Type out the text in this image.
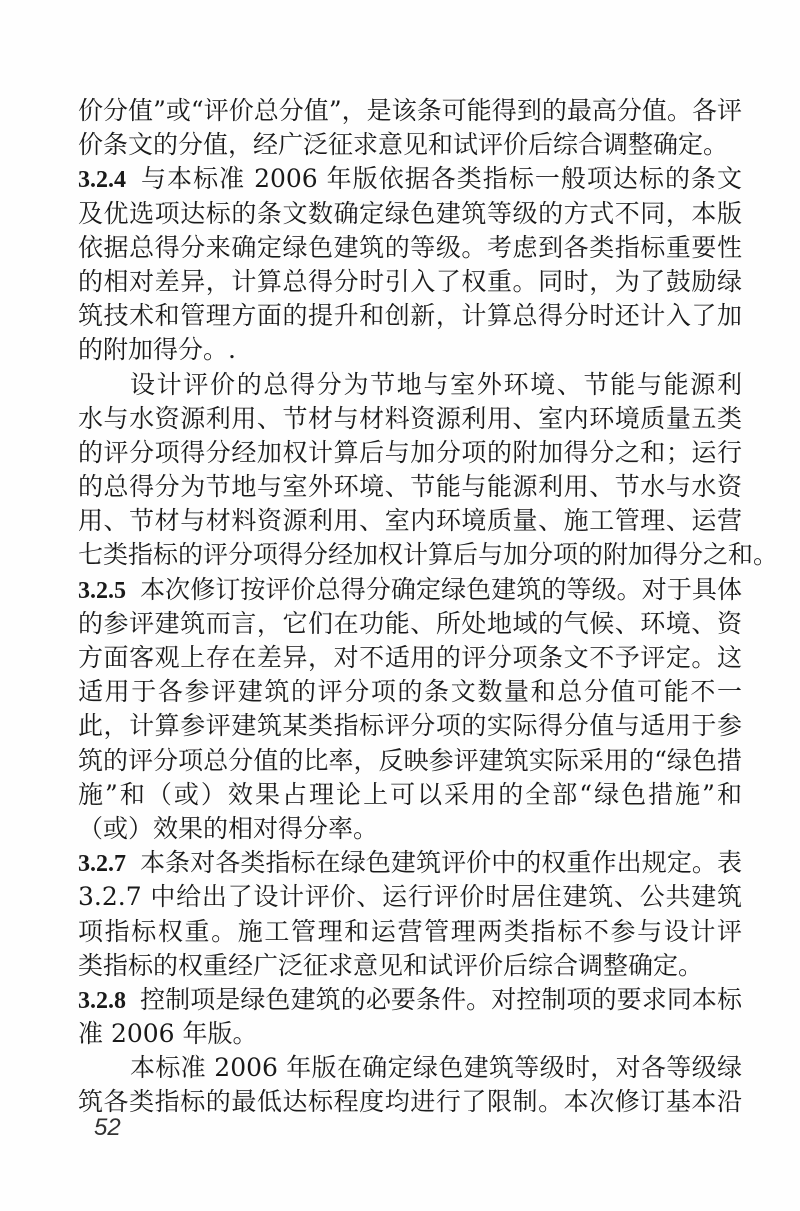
价分值”或“评价总分值”，是该条可能得到的最高分值。各评
价条文的分值，经广泛征求意见和试评价后综合调整确定。
3.2.4 与本标准 2006 年版依据各类指标一般项达标的条文
及优选项达标的条文数确定绿色建筑等级的方式不同，本版
依据总得分来确定绿色建筑的等级。考虑到各类指标重要性
的相对差异，计算总得分时引入了权重。同时，为了鼓励绿
筑技术和管理方面的提升和创新，计算总得分时还计入了加
的附加得分。.
设计评价的总得分为节地与室外环境、节能与能源利
水与水资源利用、节材与材料资源利用、室内环境质量五类
的评分项得分经加权计算后与加分项的附加得分之和；运行
的总得分为节地与室外环境、节能与能源利用、节水与水资
用、节材与材料资源利用、室内环境质量、施工管理、运营
七类指标的评分项得分经加权计算后与加分项的附加得分之和。
3.2.5 本次修订按评价总得分确定绿色建筑的等级。对于具体
的参评建筑而言，它们在功能、所处地域的气候、环境、资
方面客观上存在差异，对不适用的评分项条文不予评定。这
适用于各参评建筑的评分项的条文数量和总分值可能不一
此，计算参评建筑某类指标评分项的实际得分值与适用于参
筑的评分项总分值的比率，反映参评建筑实际采用的“绿色措
施”和（或）效果占理论上可以采用的全部“绿色措施”和
（或）效果的相对得分率。
3.2.7 本条对各类指标在绿色建筑评价中的权重作出规定。表
3.2.7 中给出了设计评价、运行评价时居住建筑、公共建筑
项指标权重。施工管理和运营管理两类指标不参与设计评
类指标的权重经广泛征求意见和试评价后综合调整确定。
3.2.8 控制项是绿色建筑的必要条件。对控制项的要求同本标
准 2006 年版。
本标准 2006 年版在确定绿色建筑等级时，对各等级绿
筑各类指标的最低达标程度均进行了限制。本次修订基本沿
52
